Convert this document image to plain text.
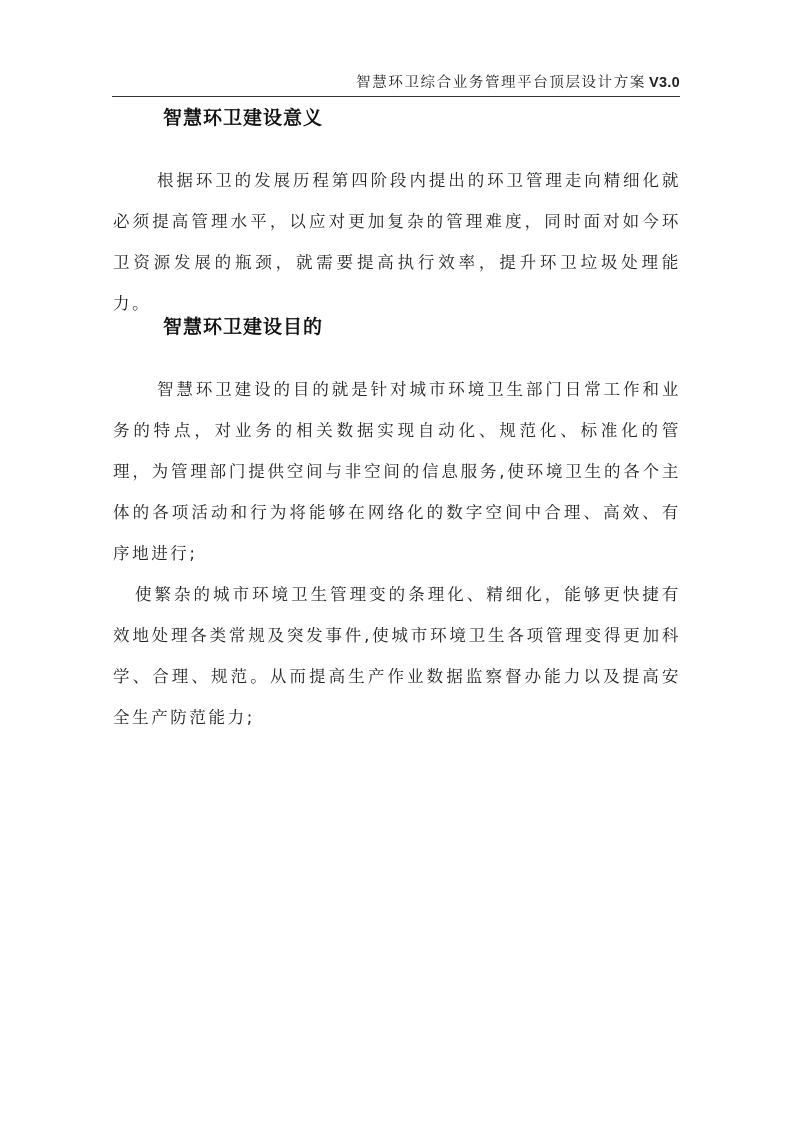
智慧环卫综合业务管理平台顶层设计方案 V3.0
智慧环卫建设意义

根据环卫的发展历程第四阶段内提出的环卫管理走向精细化就必须提高管理水平，以应对更加复杂的管理难度，同时面对如今环卫资源发展的瓶颈，就需要提高执行效率，提升环卫垃圾处理能力。

智慧环卫建设目的

智慧环卫建设的目的就是针对城市环境卫生部门日常工作和业务的特点，对业务的相关数据实现自动化、规范化、标准化的管理，为管理部门提供空间与非空间的信息服务,使环境卫生的各个主体的各项活动和行为将能够在网络化的数字空间中合理、高效、有序地进行;

使繁杂的城市环境卫生管理变的条理化、精细化，能够更快捷有效地处理各类常规及突发事件,使城市环境卫生各项管理变得更加科学、合理、规范。从而提高生产作业数据监察督办能力以及提高安全生产防范能力;
